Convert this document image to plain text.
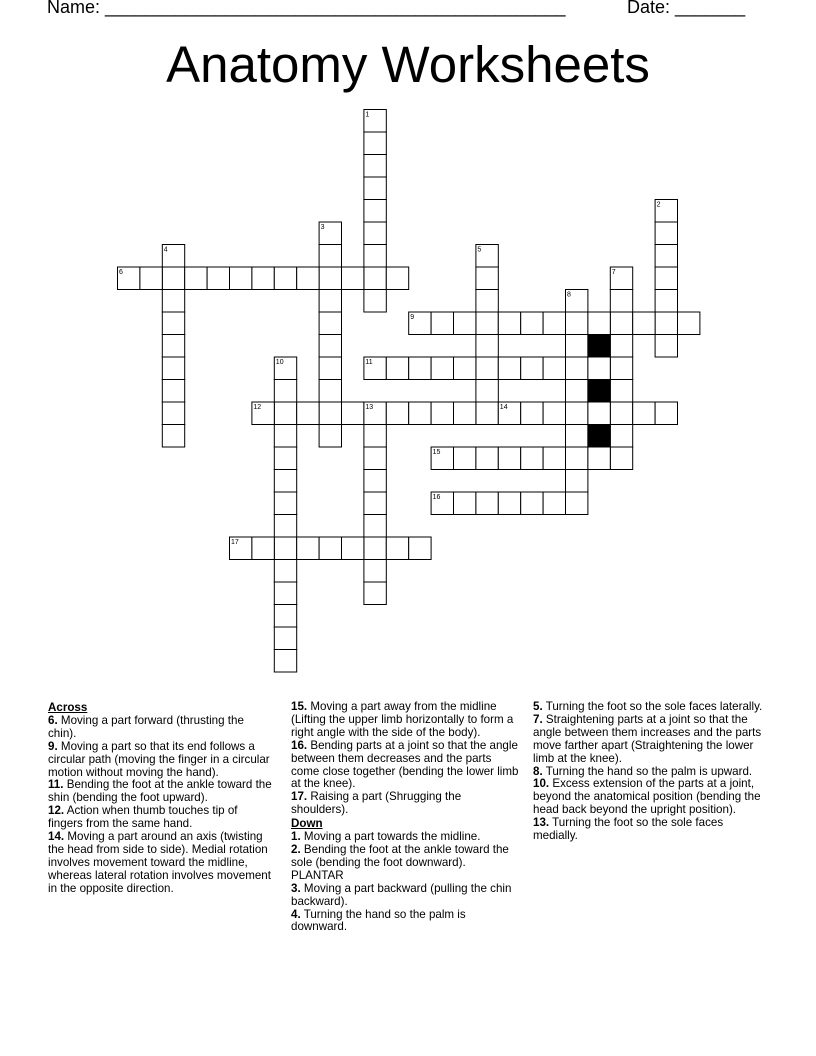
Name: ______________________________________________	Date: _______
Anatomy Worksheets
1
2
3
4	5
6	7
8
9
10	11
12	13	14
15
16
17
Across
6. Moving a part forward (thrusting the chin).
9. Moving a part so that its end follows a circular path (moving the finger in a circular motion without moving the hand).
11. Bending the foot at the ankle toward the shin (bending the foot upward).
12. Action when thumb touches tip of fingers from the same hand.
14. Moving a part around an axis (twisting the head from side to side). Medial rotation involves movement toward the midline, whereas lateral rotation involves movement in the opposite direction.
15. Moving a part away from the midline (Lifting the upper limb horizontally to form a right angle with the side of the body).
16. Bending parts at a joint so that the angle between them decreases and the parts come close together (bending the lower limb at the knee).
17. Raising a part (Shrugging the shoulders).
Down
1. Moving a part towards the midline.
2. Bending the foot at the ankle toward the sole (bending the foot downward). PLANTAR
3. Moving a part backward (pulling the chin backward).
4. Turning the hand so the palm is downward.
5. Turning the foot so the sole faces laterally.
7. Straightening parts at a joint so that the angle between them increases and the parts move farther apart (Straightening the lower limb at the knee).
8. Turning the hand so the palm is upward.
10. Excess extension of the parts at a joint, beyond the anatomical position (bending the head back beyond the upright position).
13. Turning the foot so the sole faces medially.
